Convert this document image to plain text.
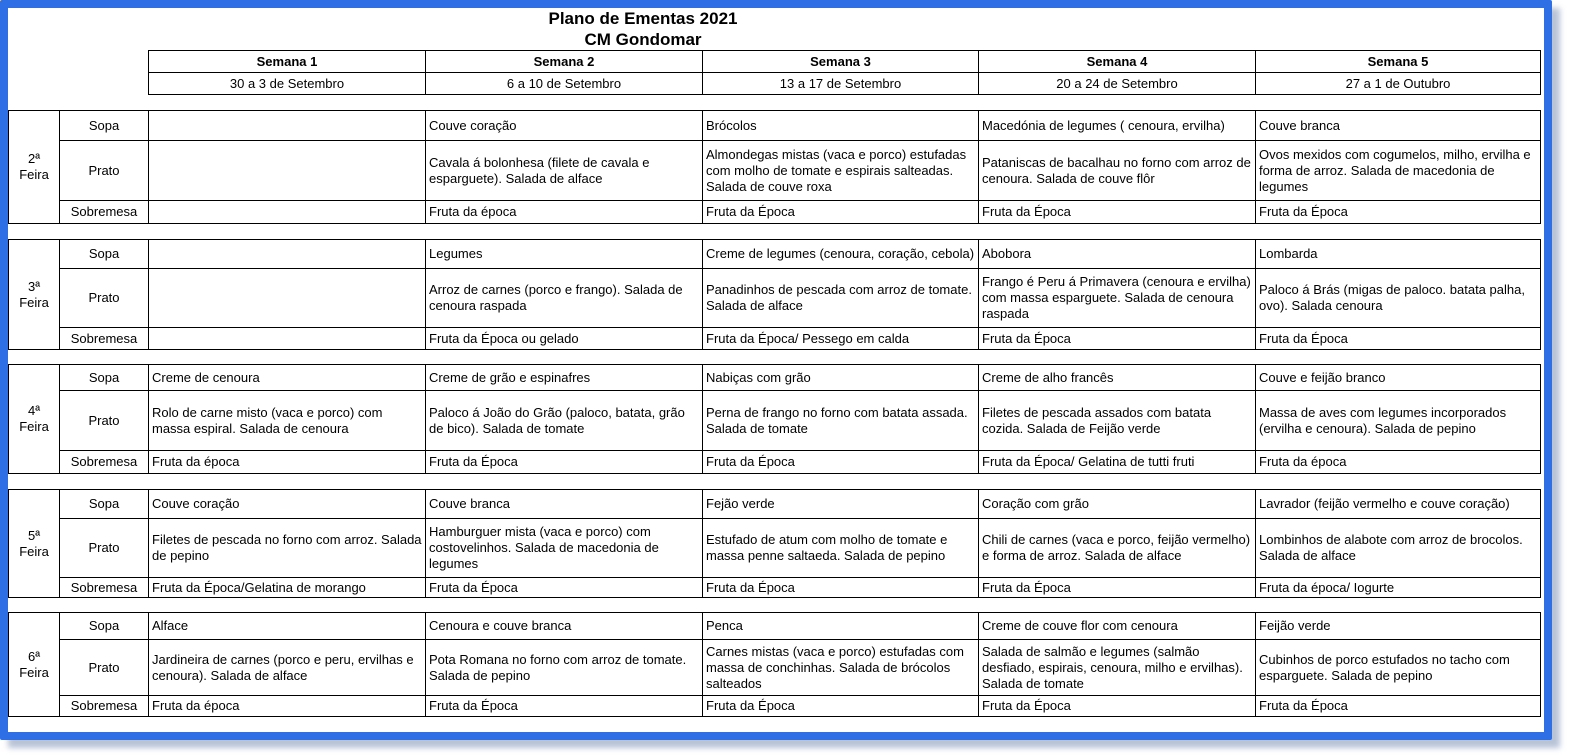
Plano de Ementas 2021
CM Gondomar
		Semana 1	Semana 2	Semana 3	Semana 4	Semana 5
		30 a 3 de Setembro	6 a 10 de Setembro	13 a 17 de Setembro	20 a 24 de Setembro	27 a 1 de Outubro

2ª Feira	Sopa		Couve coração	Brócolos	Macedónia de legumes ( cenoura, ervilha)	Couve branca
	Prato		Cavala á bolonhesa (filete de cavala e esparguete). Salada de alface	Almondegas mistas (vaca e porco) estufadas com molho de tomate e espirais salteadas. Salada de couve roxa	Pataniscas de bacalhau no forno com arroz de cenoura. Salada de couve flôr	Ovos mexidos com cogumelos, milho, ervilha e forma de arroz. Salada de macedonia de legumes
	Sobremesa		Fruta da época	Fruta da Época	Fruta da Época	Fruta da Época

3ª Feira	Sopa		Legumes	Creme de legumes (cenoura, coração, cebola)	Abobora	Lombarda
	Prato		Arroz de carnes (porco e frango). Salada de cenoura raspada	Panadinhos de pescada com arroz de tomate. Salada de alface	Frango é Peru á Primavera (cenoura e ervilha) com massa esparguete. Salada de cenoura raspada	Paloco á Brás (migas de paloco. batata palha, ovo). Salada cenoura
	Sobremesa		Fruta da Época ou gelado	Fruta da Época/ Pessego em calda	Fruta da Época	Fruta da Época

4ª Feira	Sopa	Creme de cenoura	Creme de grão e espinafres	Nabiças com grão	Creme de alho francês	Couve e feijão branco
	Prato	Rolo de carne misto (vaca e porco) com massa espiral. Salada de cenoura	Paloco á João do Grão (paloco, batata, grão de bico). Salada de tomate	Perna de frango no forno com batata assada. Salada de tomate	Filetes de pescada assados com batata cozida. Salada de Feijão verde	Massa de aves com legumes incorporados (ervilha e cenoura). Salada de pepino
	Sobremesa	Fruta da época	Fruta da Época	Fruta da Época	Fruta da Época/ Gelatina de tutti fruti	Fruta da época

5ª Feira	Sopa	Couve coração	Couve branca	Fejão verde	Coração com grão	Lavrador (feijão vermelho e couve coração)
	Prato	Filetes de pescada no forno com arroz. Salada de pepino	Hamburguer mista (vaca e porco) com costovelinhos. Salada de macedonia de legumes	Estufado de atum com molho de tomate e massa penne saltaeda. Salada de pepino	Chili de carnes (vaca e porco, feijão vermelho) e forma de arroz. Salada de alface	Lombinhos de alabote com arroz de brocolos. Salada de alface
	Sobremesa	Fruta da Época/Gelatina de morango	Fruta da Época	Fruta da Época	Fruta da Época	Fruta da época/ Iogurte

6ª Feira	Sopa	Alface	Cenoura e couve branca	Penca	Creme de couve flor com cenoura	Feijão verde
	Prato	Jardineira de carnes (porco e peru, ervilhas e cenoura). Salada de alface	Pota Romana no forno com arroz de tomate. Salada de pepino	Carnes mistas (vaca e porco) estufadas com massa de conchinhas. Salada de brócolos salteados	Salada de salmão e legumes (salmão desfiado, espirais, cenoura, milho e ervilhas). Salada de tomate	Cubinhos de porco estufados no tacho com esparguete. Salada de pepino
	Sobremesa	Fruta da época	Fruta da Época	Fruta da Época	Fruta da Época	Fruta da Época
